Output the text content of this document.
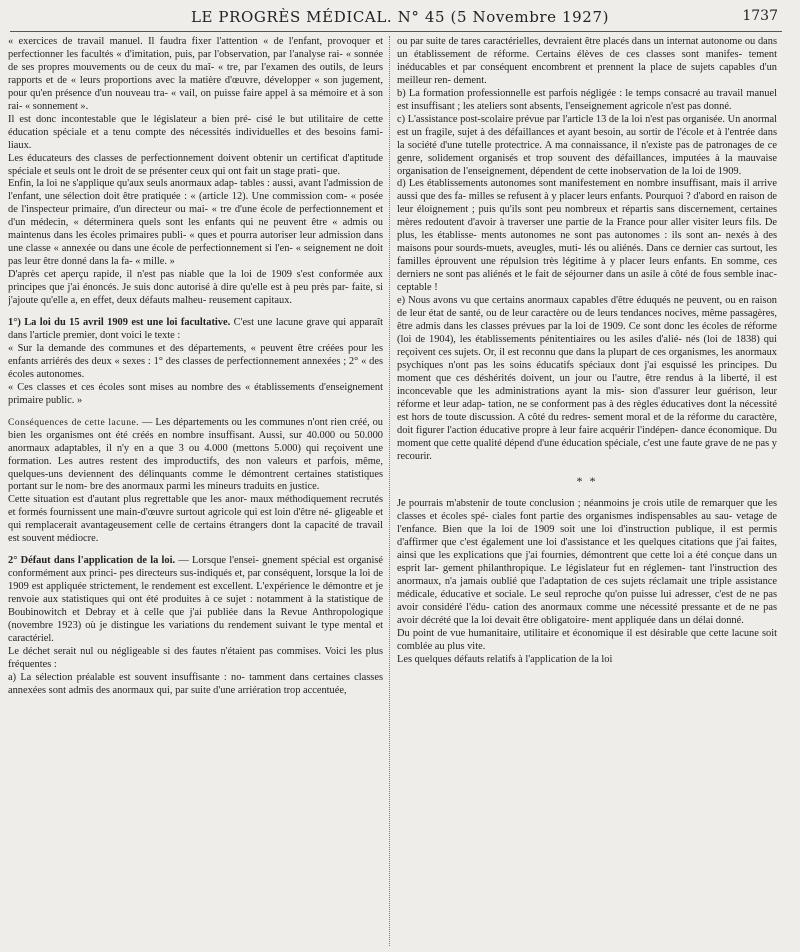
LE PROGRÈS MÉDICAL. N° 45 (5 Novembre 1927)	1737

« exercices de travail manuel. Il faudra fixer l'attention « de l'enfant, provoquer et perfectionner les facultés « d'imitation, puis, par l'observation, par l'analyse rai- « sonnée de ses propres mouvements ou de ceux du maî- « tre, par l'examen des outils, de leurs rapports et de « leurs proportions avec la matière d'œuvre, développer « son jugement, pour qu'en présence d'un nouveau tra- « vail, on puisse faire appel à sa mémoire et à son rai- « sonnement ».

Il est donc incontestable que le législateur a bien pré- cisé le but utilitaire de cette éducation spéciale et a tenu compte des nécessités individuelles et des besoins fami- liaux.

Les éducateurs des classes de perfectionnement doivent obtenir un certificat d'aptitude spéciale et seuls ont le droit de se présenter ceux qui ont fait un stage prati- que.

Enfin, la loi ne s'applique qu'aux seuls anormaux adap- tables : aussi, avant l'admission de l'enfant, une sélection doit être pratiquée : « (article 12). Une commission com- « posée de l'inspecteur primaire, d'un directeur ou mai- « tre d'une école de perfectionnement et d'un médecin, « déterminera quels sont les enfants qui ne peuvent être « admis ou maintenus dans les écoles primaires publi- « ques et pourra autoriser leur admission dans une classe « annexée ou dans une école de perfectionnement si l'en- « seignement ne doit pas leur être donné dans la fa- « mille. »

D'après cet aperçu rapide, il n'est pas niable que la loi de 1909 s'est conformée aux principes que j'ai énoncés. Je suis donc autorisé à dire qu'elle est à peu près par- faite, si j'ajoute qu'elle a, en effet, deux défauts malheu- reusement capitaux.

1°) La loi du 15 avril 1909 est une loi facultative. C'est une lacune grave qui apparaît dans l'article premier, dont voici le texte :

« Sur la demande des communes et des départements, « peuvent être créées pour les enfants arriérés des deux « sexes : 1° des classes de perfectionnement annexées ; 2° « des écoles autonomes.

« Ces classes et ces écoles sont mises au nombre des « établissements d'enseignement primaire public. »

Conséquences de cette lacune. — Les départements ou les communes n'ont rien créé, ou bien les organismes ont été créés en nombre insuffisant. Aussi, sur 40.000 ou 50.000 anormaux adaptables, il n'y en a que 3 ou 4.000 (mettons 5.000) qui reçoivent une formation. Les autres restent des improductifs, des non valeurs et parfois, même, quelques-uns deviennent des délinquants comme le démontrent certaines statistiques portant sur le nom- bre des anormaux parmi les mineurs traduits en justice.

Cette situation est d'autant plus regrettable que les anor- maux méthodiquement recrutés et formés fournissent une main-d'œuvre surtout agricole qui est loin d'être né- gligeable et qui remplacerait avantageusement celle de certains étrangers dont la capacité de travail est souvent médiocre.

2° Défaut dans l'application de la loi. — Lorsque l'ensei- gnement spécial est organisé conformément aux princi- pes directeurs sus-indiqués et, par conséquent, lorsque la loi de 1909 est appliquée strictement, le rendement est excellent. L'expérience le démontre et je renvoie aux statistiques qui ont été produites à ce sujet : notamment à la statistique de Boubinowitch et Debray et à celle que j'ai publiée dans la Revue Anthropologique (novembre 1923) où je distingue les variations du rendement suivant le type mental et caractériel.

Le déchet serait nul ou négligeable si des fautes n'étaient pas commises. Voici les plus fréquentes :

a) La sélection préalable est souvent insuffisante : no- tamment dans certaines classes annexées sont admis des anormaux qui, par suite d'une arriération trop accentuée,

ou par suite de tares caractérielles, devraient être placés dans un internat autonome ou dans un établissement de réforme. Certains élèves de ces classes sont manifes- tement inéducables et par conséquent encombrent et prennent la place de sujets capables d'un meilleur ren- dement.

b) La formation professionnelle est parfois négligée : le temps consacré au travail manuel est insuffisant ; les ateliers sont absents, l'enseignement agricole n'est pas donné.

c) L'assistance post-scolaire prévue par l'article 13 de la loi n'est pas organisée. Un anormal est un fragile, sujet à des défaillances et ayant besoin, au sortir de l'école et à l'entrée dans la société d'une tutelle protectrice. A ma connaissance, il n'existe pas de patronages de ce genre, solidement organisés et trop souvent des défaillances, imputées à la mauvaise organisation de l'enseignement, dépendent de cette inobservation de la loi de 1909.

d) Les établissements autonomes sont manifestement en nombre insuffisant, mais il arrive aussi que des fa- milles se refusent à y placer leurs enfants. Pourquoi ? d'abord en raison de leur éloignement ; puis qu'ils sont peu nombreux et répartis sans discernement, certaines mères redoutent d'avoir à traverser une partie de la France pour aller visiter leurs fils. De plus, les établisse- ments autonomes ne sont pas autonomes : ils sont an- nexés à des maisons pour sourds-muets, aveugles, muti- lés ou aliénés. Dans ce dernier cas surtout, les familles éprouvent une répulsion très légitime à y placer leurs enfants. En somme, ces derniers ne sont pas aliénés et le fait de séjourner dans un asile à côté de fous semble inac- ceptable !

e) Nous avons vu que certains anormaux capables d'être éduqués ne peuvent, ou en raison de leur état de santé, ou de leur caractère ou de leurs tendances nocives, même passagères, être admis dans les classes prévues par la loi de 1909. Ce sont donc les écoles de réforme (loi de 1904), les établissements pénitentiaires ou les asiles d'alié- nés (loi de 1838) qui reçoivent ces sujets. Or, il est reconnu que dans la plupart de ces organismes, les anormaux psychiques n'ont pas les soins éducatifs spéciaux dont j'ai esquissé les principes. Du moment que ces déshérités doivent, un jour ou l'autre, être rendus à la liberté, il est inconcevable que les administrations ayant la mis- sion d'assurer leur guérison, leur réforme et leur adap- tation, ne se conforment pas à des règles éducatives dont la nécessité est hors de toute discussion. A côté du redres- sement moral et de la réforme du caractère, doit figurer l'action éducative propre à leur faire acquérir l'indépen- dance économique. Du moment que cette qualité dépend d'une éducation spéciale, c'est une faute grave de ne pas y recourir.

* *

Je pourrais m'abstenir de toute conclusion ; néanmoins je crois utile de remarquer que les classes et écoles spé- ciales font partie des organismes indispensables au sau- vetage de l'enfance. Bien que la loi de 1909 soit une loi d'instruction publique, il est permis d'affirmer que c'est également une loi d'assistance et les quelques citations que j'ai faites, ainsi que les explications que j'ai fournies, démontrent que cette loi a été conçue dans un esprit lar- gement philanthropique. Le législateur fut en réglemen- tant l'instruction des anormaux, n'a jamais oublié que l'adaptation de ces sujets réclamait une triple assistance médicale, éducative et sociale. Le seul reproche qu'on puisse lui adresser, c'est de ne pas avoir considéré l'édu- cation des anormaux comme une nécessité pressante et de ne pas avoir décrété que la loi devait être obligatoire- ment appliquée dans un délai donné.

Du point de vue humanitaire, utilitaire et économique il est désirable que cette lacune soit comblée au plus vite.

Les quelques défauts relatifs à l'application de la loi
